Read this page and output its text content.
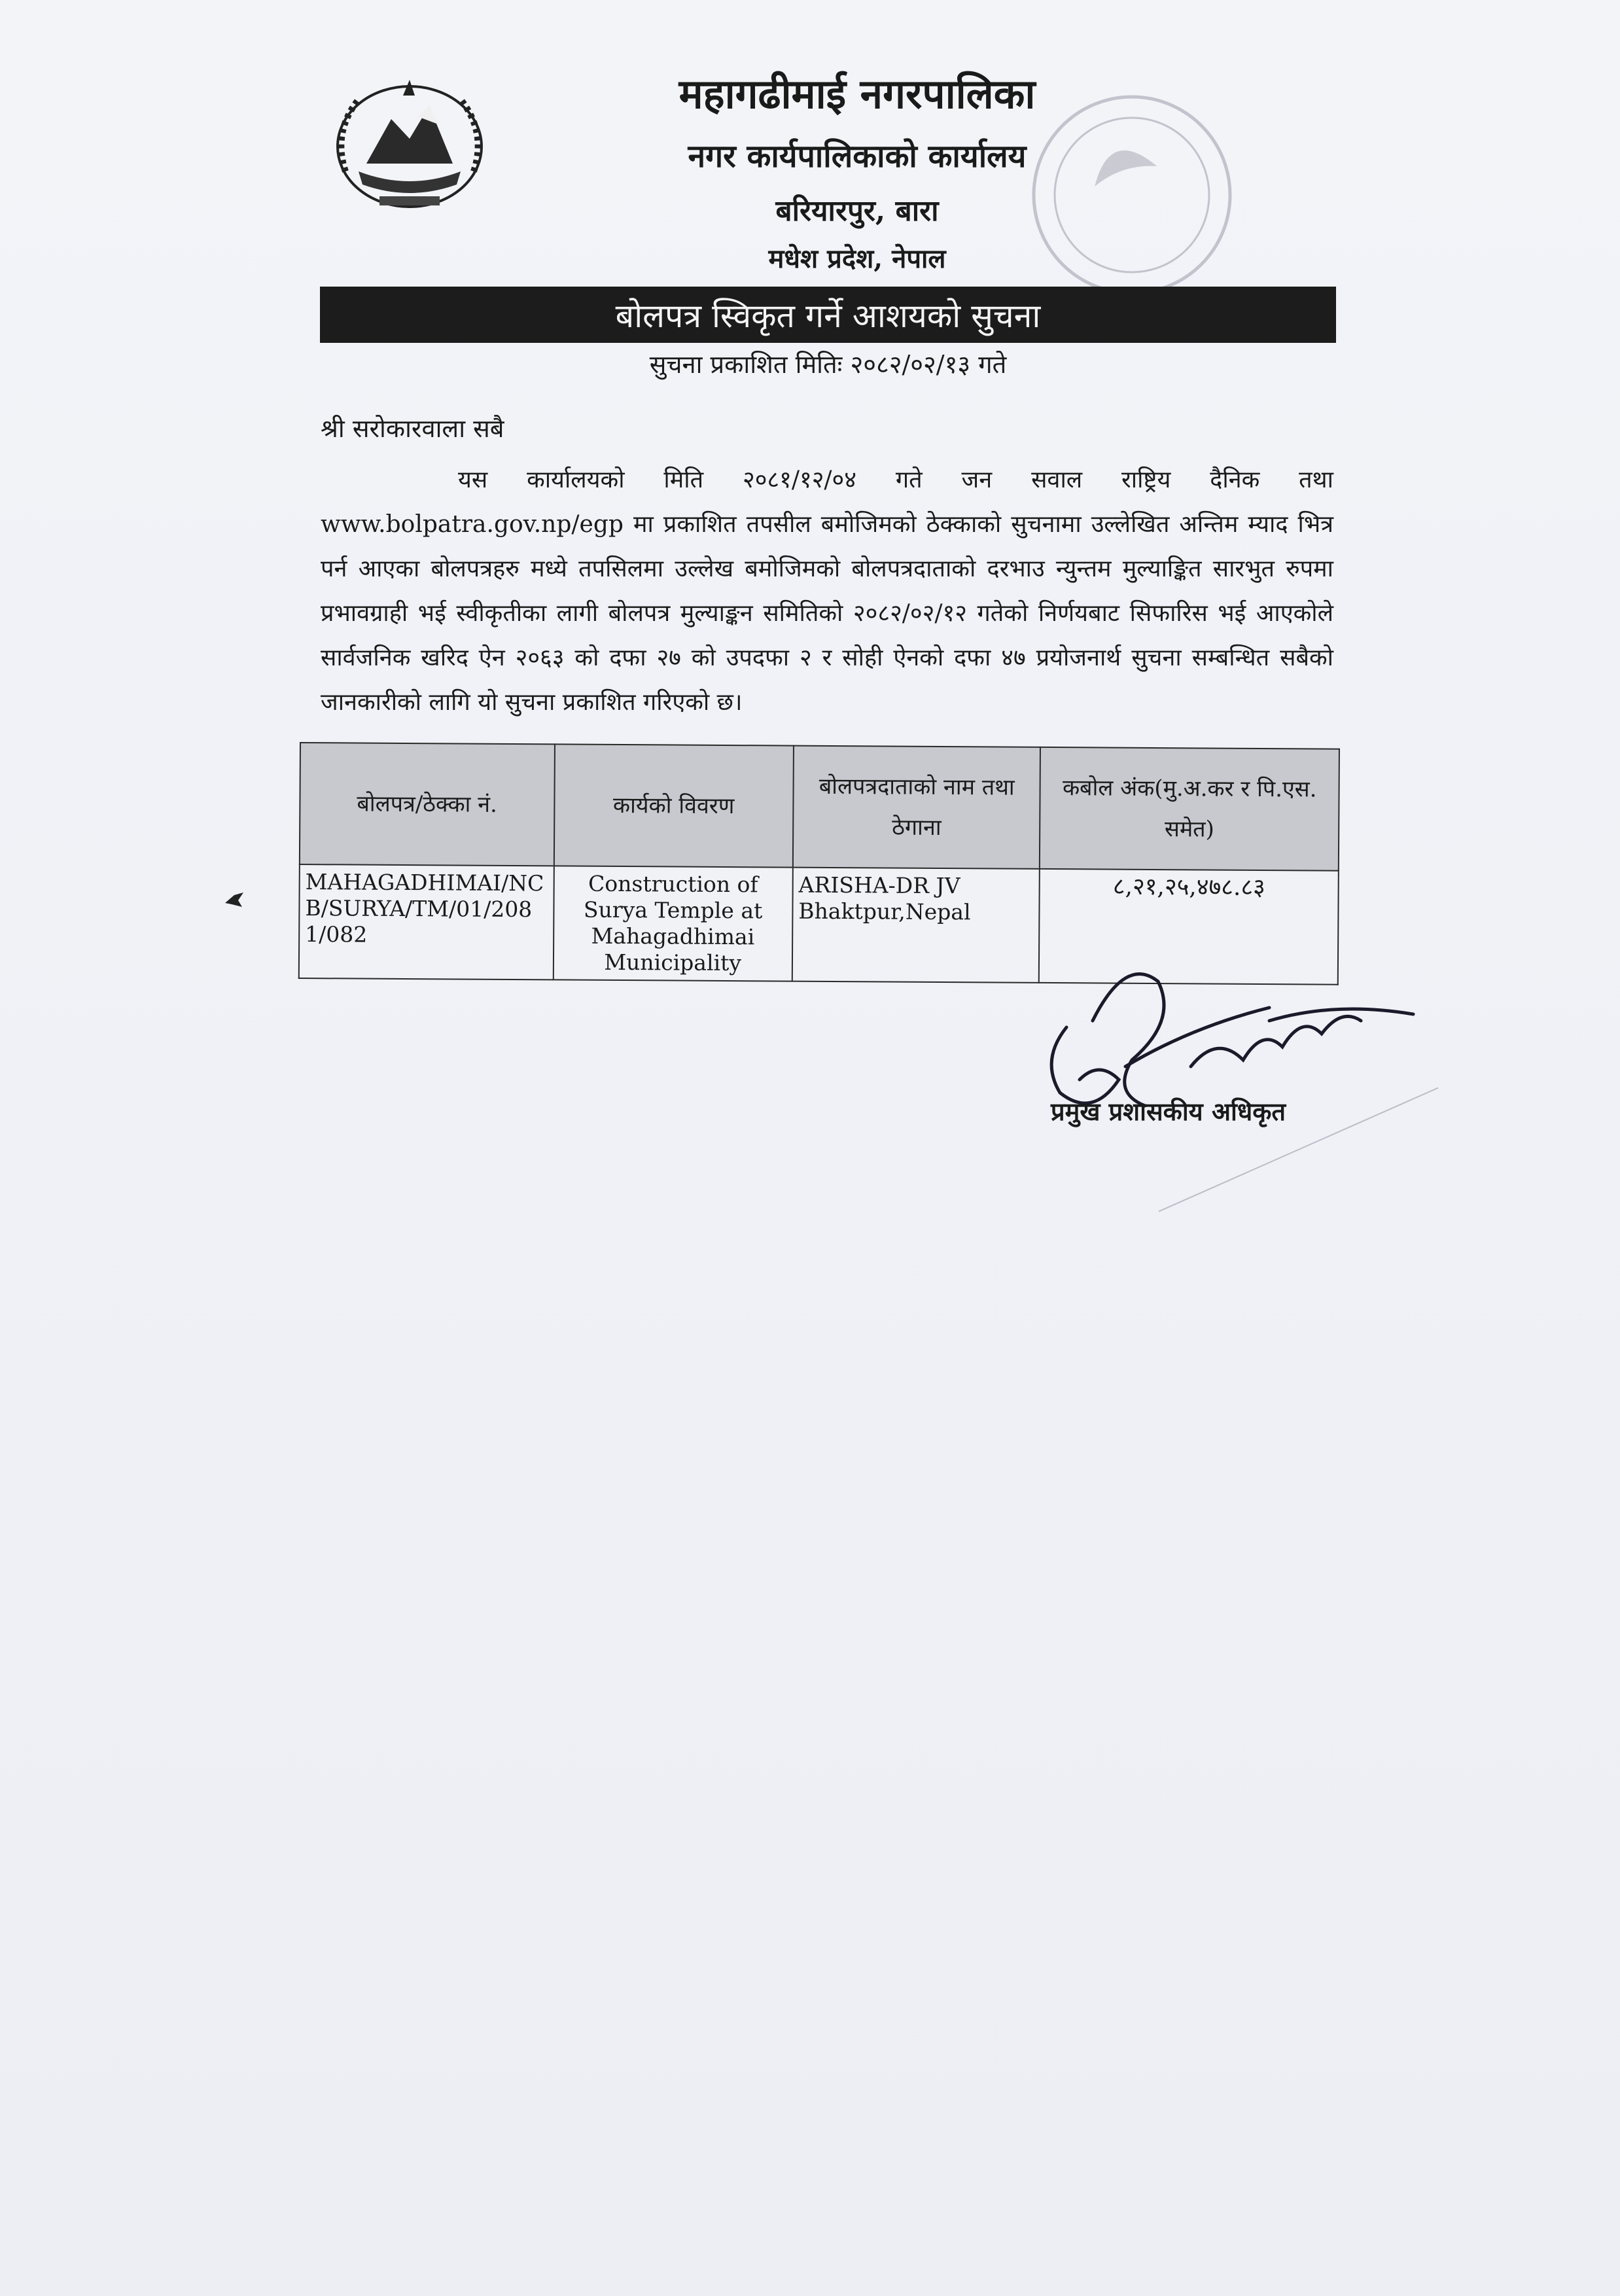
महागढीमाई नगरपालिका
नगर कार्यपालिकाको कार्यालय
बरियारपुर, बारा
मधेश प्रदेश, नेपाल
बोलपत्र स्विकृत गर्ने आशयको सुचना
सुचना प्रकाशित मितिः २०८२/०२/१३ गते
श्री सरोकारवाला सबै
यस कार्यालयको मिति २०८१/१२/०४ गते जन सवाल राष्ट्रिय दैनिक तथा www.bolpatra.gov.np/egp मा प्रकाशित तपसील बमोजिमको ठेक्काको सुचनामा उल्लेखित अन्तिम म्याद भित्र पर्न आएका बोलपत्रहरु मध्ये तपसिलमा उल्लेख बमोजिमको बोलपत्रदाताको दरभाउ न्युन्तम मुल्याङ्कित सारभुत रुपमा प्रभावग्राही भई स्वीकृतीका लागी बोलपत्र मुल्याङ्कन समितिको २०८२/०२/१२ गतेको निर्णयबाट सिफारिस भई आएकोले सार्वजनिक खरिद ऐन २०६३ को दफा २७ को उपदफा २ र सोही ऐनको दफा ४७ प्रयोजनार्थ सुचना सम्बन्धित सबैको जानकारीको लागि यो सुचना प्रकाशित गरिएको छ।
बोलपत्र/ठेक्का नं.	कार्यको विवरण	बोलपत्रदाताको नाम तथा ठेगाना	कबोल अंक(मु.अ.कर र पि.एस. समेत)
MAHAGADHIMAI/NCB/SURYA/TM/01/2081/082	Construction of Surya Temple at Mahagadhimai Municipality	ARISHA-DR JV Bhaktpur,Nepal	८,२१,२५,४७८.८३
प्रमुख प्रशासकीय अधिकृत
